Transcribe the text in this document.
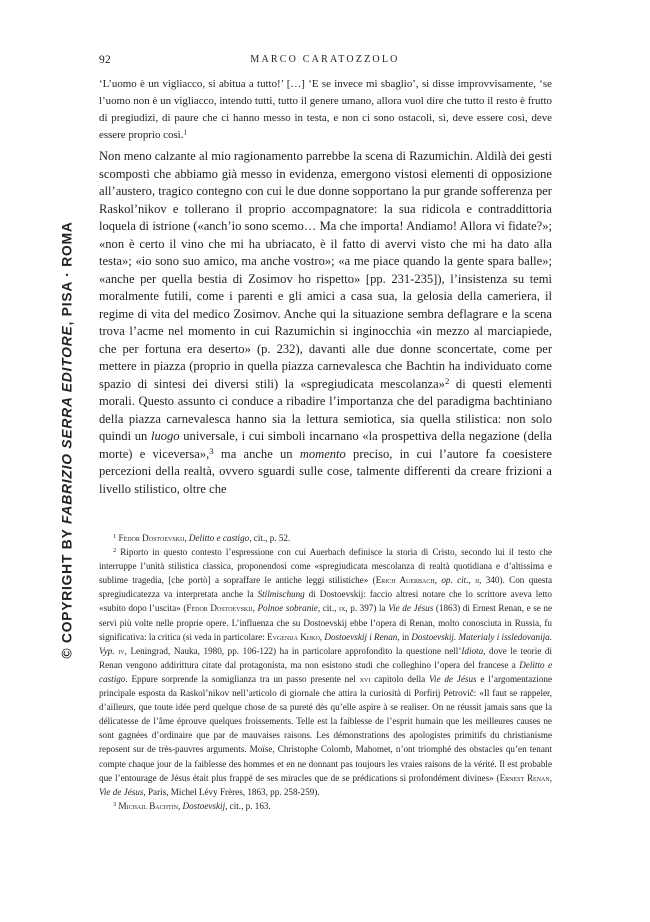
92	MARCO CARATOZZOLO
© COPYRIGHT BY FABRIZIO SERRA EDITORE, PISA · ROMA

‘L’uomo è un vigliacco, si abitua a tutto!’ […] ‘E se invece mi sbaglio’, si disse improvvisamente, ‘se l’uomo non è un vigliacco, intendo tutti, tutto il genere umano, allora vuol dire che tutto il resto è frutto di pregiudizi, di paure che ci hanno messo in testa, e non ci sono ostacoli, sì, deve essere così, deve essere proprio così.$^1$

Non meno calzante al mio ragionamento parrebbe la scena di Razumichin. Aldilà dei gesti scomposti che abbiamo già messo in evidenza, emergono vistosi elementi di opposizione all’austero, tragico contegno con cui le due donne sopportano la pur grande sofferenza per Raskol’nikov e tollerano il proprio accompagnatore: la sua ridicola e contraddittoria loquela di istrione («anch’io sono scemo… Ma che importa! Andiamo! Allora vi fidate?»; «non è certo il vino che mi ha ubriacato, è il fatto di avervi visto che mi ha dato alla testa»; «io sono suo amico, ma anche vostro»; «a me piace quando la gente spara balle»; «anche per quella bestia di Zosimov ho rispetto» [pp. 231-235]), l’insistenza su temi moralmente futili, come i parenti e gli amici a casa sua, la gelosia della cameriera, il regime di vita del medico Zosimov. Anche qui la situazione sembra deflagrare e la scena trova l’acme nel momento in cui Razumichin si inginocchia «in mezzo al marciapiede, che per fortuna era deserto» (p. 232), davanti alle due donne sconcertate, come per mettere in piazza (proprio in quella piazza carnevalesca che Bachtin ha individuato come spazio di sintesi dei diversi stili) la «spregiudicata mescolanza»$^2$ di questi elementi morali. Questo assunto ci conduce a ribadire l’importanza che del paradigma bachtiniano della piazza carnevalesca hanno sia la lettura semiotica, sia quella stilistica: non solo quindi un luogo universale, i cui simboli incarnano «la prospettiva della negazione (della morte) e viceversa»,$^3$ ma anche un momento preciso, in cui l’autore fa coesistere percezioni della realtà, ovvero sguardi sulle cose, talmente differenti da creare frizioni a livello stilistico, oltre che

$^1$ Fëdor Dostoevskij, Delitto e castigo, cit., p. 52.

$^2$ Riporto in questo contesto l’espressione con cui Auerbach definisce la storia di Cristo, secondo lui il testo che interruppe l’unità stilistica classica, proponendosi come «spregiudicata mescolanza di realtà quotidiana e d’altissima e sublime tragedia, [che portò] a sopraffare le antiche leggi stilistiche» (Erich Auerbach, op. cit., ii, 340). Con questa spregiudicatezza va interpretata anche la Stilmischung di Dostoevskij: faccio altresì notare che lo scrittore aveva letto «subito dopo l’uscita» (Fëdor Dostoevskij, Polnoe sobranie, cit., ix, p. 397) la Vie de Jésus (1863) di Ernest Renan, e se ne servì più volte nelle proprie opere. L’influenza che su Dostoevskij ebbe l’opera di Renan, molto conosciuta in Russia, fu significativa: la critica (si veda in particolare: Evgenija Kijko, Dostoevskij i Renan, in Dostoevskij. Materialy i issledovanija. Vyp. iv, Leningrad, Nauka, 1980, pp. 106-122) ha in particolare approfondito la questione nell’Idiota, dove le teorie di Renan vengono addirittura citate dal protagonista, ma non esistono studi che colleghino l’opera del francese a Delitto e castigo. Eppure sorprende la somiglianza tra un passo presente nel xvi capitolo della Vie de Jésus e l’argomentazione principale esposta da Raskol’nikov nell’articolo di giornale che attira la curiosità di Porfirij Petrovič: «Il faut se rappeler, d’ailleurs, que toute idée perd quelque chose de sa pureté dès qu’elle aspire à se realiser. On ne réussit jamais sans que la délicatesse de l’âme éprouve quelques froissements. Telle est la faiblesse de l’esprit humain que les meilleures causes ne sont gagnées d’ordinaire que par de mauvaises raisons. Les démonstrations des apologistes primitifs du christianisme reposent sur de très-pauvres arguments. Moïse, Christophe Colomb, Mahomet, n’ont triomphé des obstacles qu’en tenant compte chaque jour de la faiblesse des hommes et en ne donnant pas toujours les vraies raisons de la vérité. Il est probable que l’entourage de Jésus était plus frappé de ses miracles que de se prédications si profondément divines» (Ernest Renan, Vie de Jésus, Paris, Michel Lévy Frères, 1863, pp. 258-259).

$^3$ Michail Bachtin, Dostoevskij, cit., p. 163.
